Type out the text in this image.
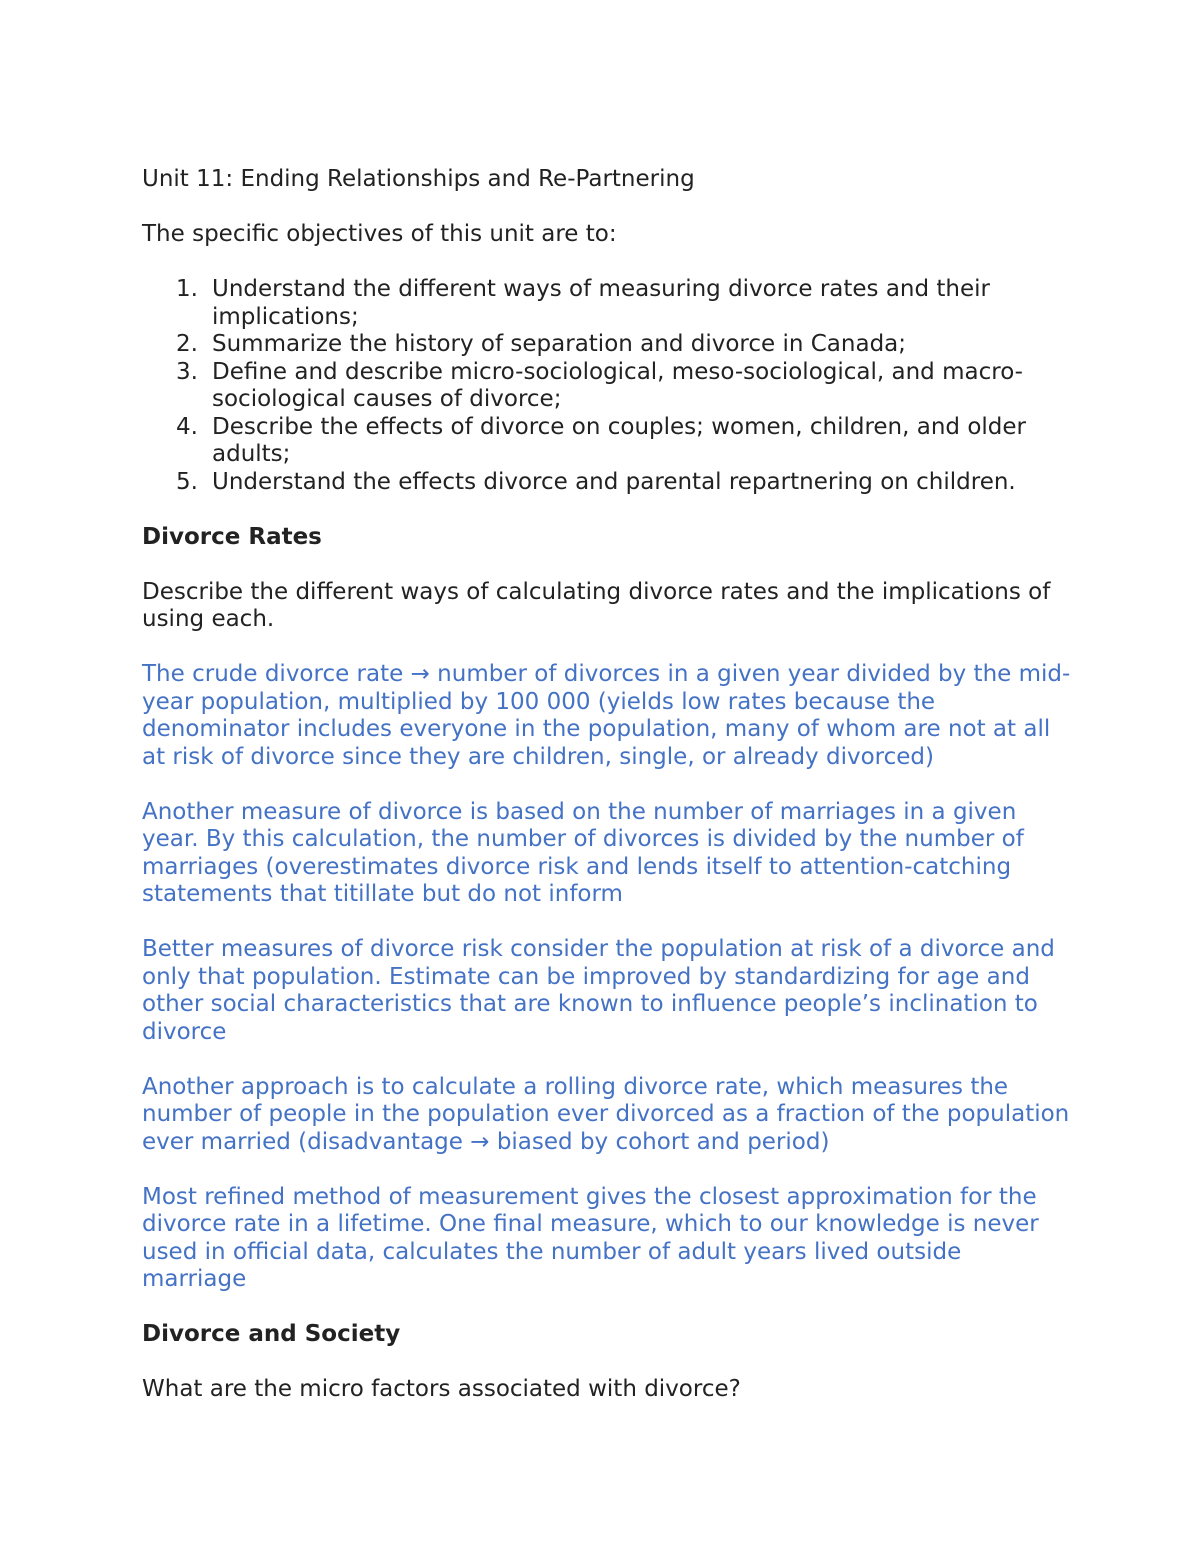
Unit 11: Ending Relationships and Re-Partnering

The specific objectives of this unit are to:

1. Understand the different ways of measuring divorce rates and their implications;
2. Summarize the history of separation and divorce in Canada;
3. Define and describe micro-sociological, meso-sociological, and macro-sociological causes of divorce;
4. Describe the effects of divorce on couples; women, children, and older adults;
5. Understand the effects divorce and parental repartnering on children.

Divorce Rates

Describe the different ways of calculating divorce rates and the implications of using each.

The crude divorce rate → number of divorces in a given year divided by the mid-year population, multiplied by 100 000 (yields low rates because the denominator includes everyone in the population, many of whom are not at all at risk of divorce since they are children, single, or already divorced)

Another measure of divorce is based on the number of marriages in a given year. By this calculation, the number of divorces is divided by the number of marriages (overestimates divorce risk and lends itself to attention-catching statements that titillate but do not inform

Better measures of divorce risk consider the population at risk of a divorce and only that population. Estimate can be improved by standardizing for age and other social characteristics that are known to influence people’s inclination to divorce

Another approach is to calculate a rolling divorce rate, which measures the number of people in the population ever divorced as a fraction of the population ever married (disadvantage → biased by cohort and period)

Most refined method of measurement gives the closest approximation for the divorce rate in a lifetime. One final measure, which to our knowledge is never used in official data, calculates the number of adult years lived outside marriage

Divorce and Society

What are the micro factors associated with divorce?
